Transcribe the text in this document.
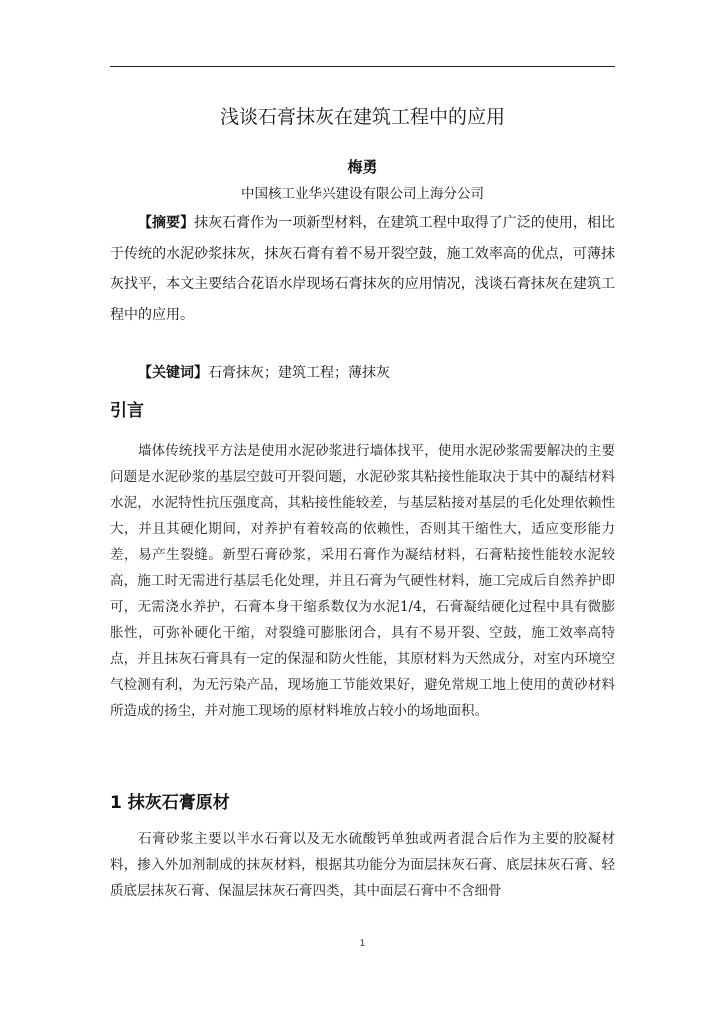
浅谈石膏抹灰在建筑工程中的应用
梅勇
中国核工业华兴建设有限公司上海分公司

【摘要】抹灰石膏作为一项新型材料，在建筑工程中取得了广泛的使用，相比于传统的水泥砂浆抹灰，抹灰石膏有着不易开裂空鼓，施工效率高的优点，可薄抹灰找平，本文主要结合花语水岸现场石膏抹灰的应用情况，浅谈石膏抹灰在建筑工程中的应用。

【关键词】石膏抹灰；建筑工程；薄抹灰

引言

墙体传统找平方法是使用水泥砂浆进行墙体找平，使用水泥砂浆需要解决的主要问题是水泥砂浆的基层空鼓可开裂问题，水泥砂浆其粘接性能取决于其中的凝结材料水泥，水泥特性抗压强度高，其粘接性能较差，与基层粘接对基层的毛化处理依赖性大，并且其硬化期间，对养护有着较高的依赖性，否则其干缩性大，适应变形能力差，易产生裂缝。新型石膏砂浆，采用石膏作为凝结材料，石膏粘接性能较水泥较高，施工时无需进行基层毛化处理，并且石膏为气硬性材料，施工完成后自然养护即可，无需浇水养护，石膏本身干缩系数仅为水泥1/4，石膏凝结硬化过程中具有微膨胀性，可弥补硬化干缩，对裂缝可膨胀闭合，具有不易开裂、空鼓，施工效率高特点，并且抹灰石膏具有一定的保湿和防火性能，其原材料为天然成分，对室内环境空气检测有利，为无污染产品，现场施工节能效果好，避免常规工地上使用的黄砂材料所造成的扬尘，并对施工现场的原材料堆放占较小的场地面积。

1 抹灰石膏原材

石膏砂浆主要以半水石膏以及无水硫酸钙单独或两者混合后作为主要的胶凝材料，掺入外加剂制成的抹灰材料，根据其功能分为面层抹灰石膏、底层抹灰石膏、轻质底层抹灰石膏、保温层抹灰石膏四类，其中面层石膏中不含细骨

1
